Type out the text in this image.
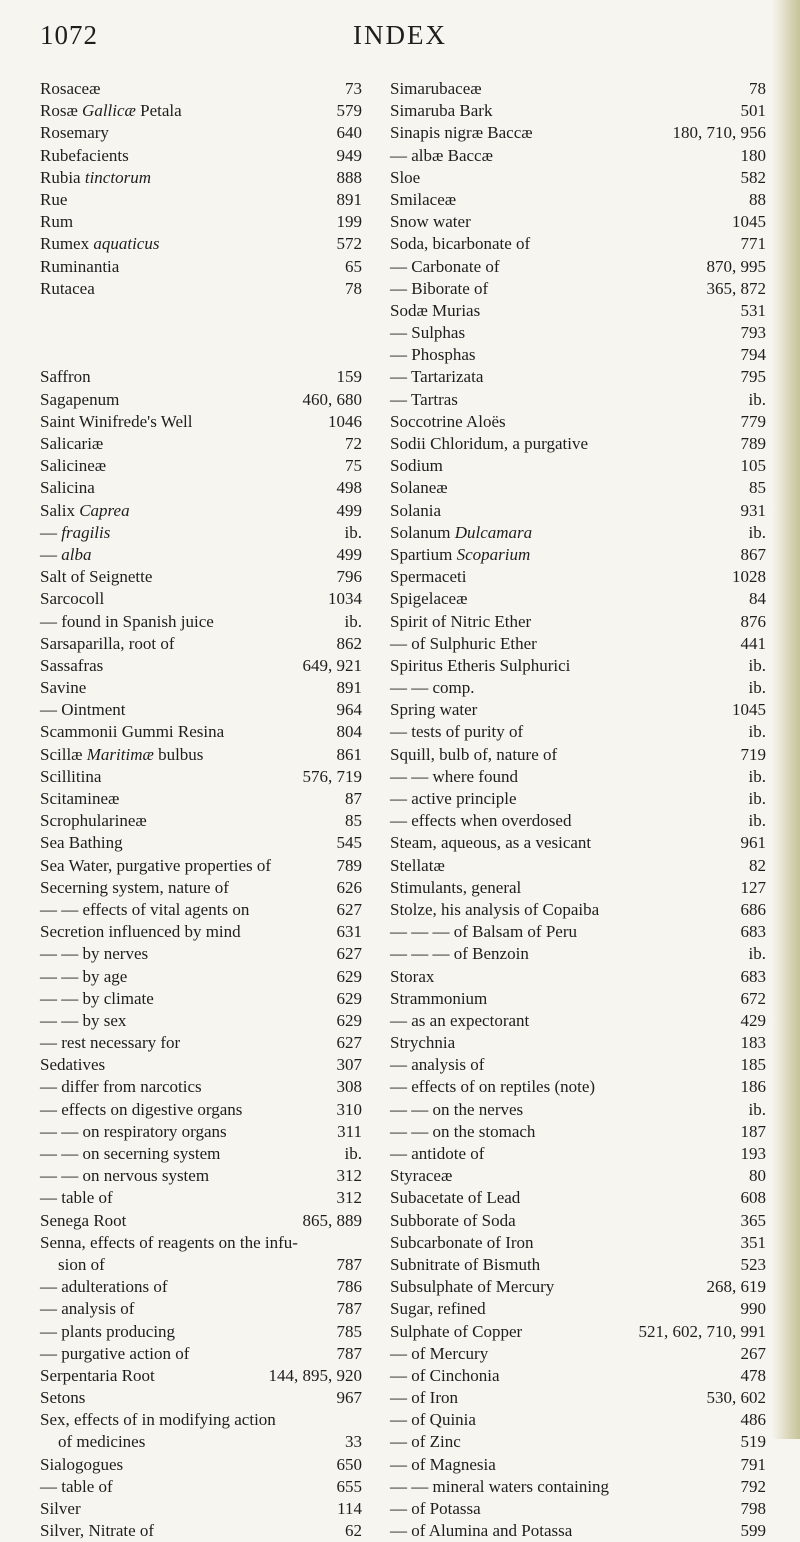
1072	INDEX
Rosaceæ	73
Rosæ Gallicæ Petala	579
Rosemary	640
Rubefacients	949
Rubia tinctorum	888
Rue	891
Rum	199
Rumex aquaticus	572
Ruminantia	65
Rutacea	78
Saffron	159
Sagapenum	460, 680
Saint Winifrede's Well	1046
Salicariæ	72
Salicineæ	75
Salicina	498
Salix Caprea	499
— fragilis	ib.
— alba	499
Salt of Seignette	796
Sarcocoll	1034
— found in Spanish juice	ib.
Sarsaparilla, root of	862
Sassafras	649, 921
Savine	891
— Ointment	964
Scammonii Gummi Resina	804
Scillæ Maritimæ bulbus	861
Scillitina	576, 719
Scitamineæ	87
Scrophularineæ	85
Sea Bathing	545
Sea Water, purgative properties of	789
Secerning system, nature of	626
— — effects of vital agents on	627
Secretion influenced by mind	631
— — by nerves	627
— — by age	629
— — by climate	629
— — by sex	629
— rest necessary for	627
Sedatives	307
— differ from narcotics	308
— effects on digestive organs	310
— — on respiratory organs	311
— — on secerning system	ib.
— — on nervous system	312
— table of	312
Senega Root	865, 889
Senna, effects of reagents on the infu-
sion of	787
— adulterations of	786
— analysis of	787
— plants producing	785
— purgative action of	787
Serpentaria Root	144, 895, 920
Setons	967
Sex, effects of in modifying action
of medicines	33
Sialogogues	650
— table of	655
Silver	114
Silver, Nitrate of	62
Simarubaceæ	78
Simaruba Bark	501
Sinapis nigræ Baccæ	180, 710, 956
— albæ Baccæ	180
Sloe	582
Smilaceæ	88
Snow water	1045
Soda, bicarbonate of	771
— Carbonate of	870, 995
— Biborate of	365, 872
Sodæ Murias	531
— Sulphas	793
— Phosphas	794
— Tartarizata	795
— Tartras	ib.
Soccotrine Aloës	779
Sodii Chloridum, a purgative	789
Sodium	105
Solaneæ	85
Solania	931
Solanum Dulcamara	ib.
Spartium Scoparium	867
Spermaceti	1028
Spigelaceæ	84
Spirit of Nitric Ether	876
— of Sulphuric Ether	441
Spiritus Etheris Sulphurici	ib.
— — comp.	ib.
Spring water	1045
— tests of purity of	ib.
Squill, bulb of, nature of	719
— — where found	ib.
— active principle	ib.
— effects when overdosed	ib.
Steam, aqueous, as a vesicant	961
Stellatæ	82
Stimulants, general	127
Stolze, his analysis of Copaiba	686
— — — of Balsam of Peru	683
— — — of Benzoin	ib.
Storax	683
Strammonium	672
— as an expectorant	429
Strychnia	183
— analysis of	185
— effects of on reptiles (note)	186
— — on the nerves	ib.
— — on the stomach	187
— antidote of	193
Styraceæ	80
Subacetate of Lead	608
Subborate of Soda	365
Subcarbonate of Iron	351
Subnitrate of Bismuth	523
Subsulphate of Mercury	268, 619
Sugar, refined	990
Sulphate of Copper	521, 602, 710, 991
— of Mercury	267
— of Cinchonia	478
— of Iron	530, 602
— of Quinia	486
— of Zinc	519
— of Magnesia	791
— — mineral waters containing	792
— of Potassa	798
— of Alumina and Potassa	599
